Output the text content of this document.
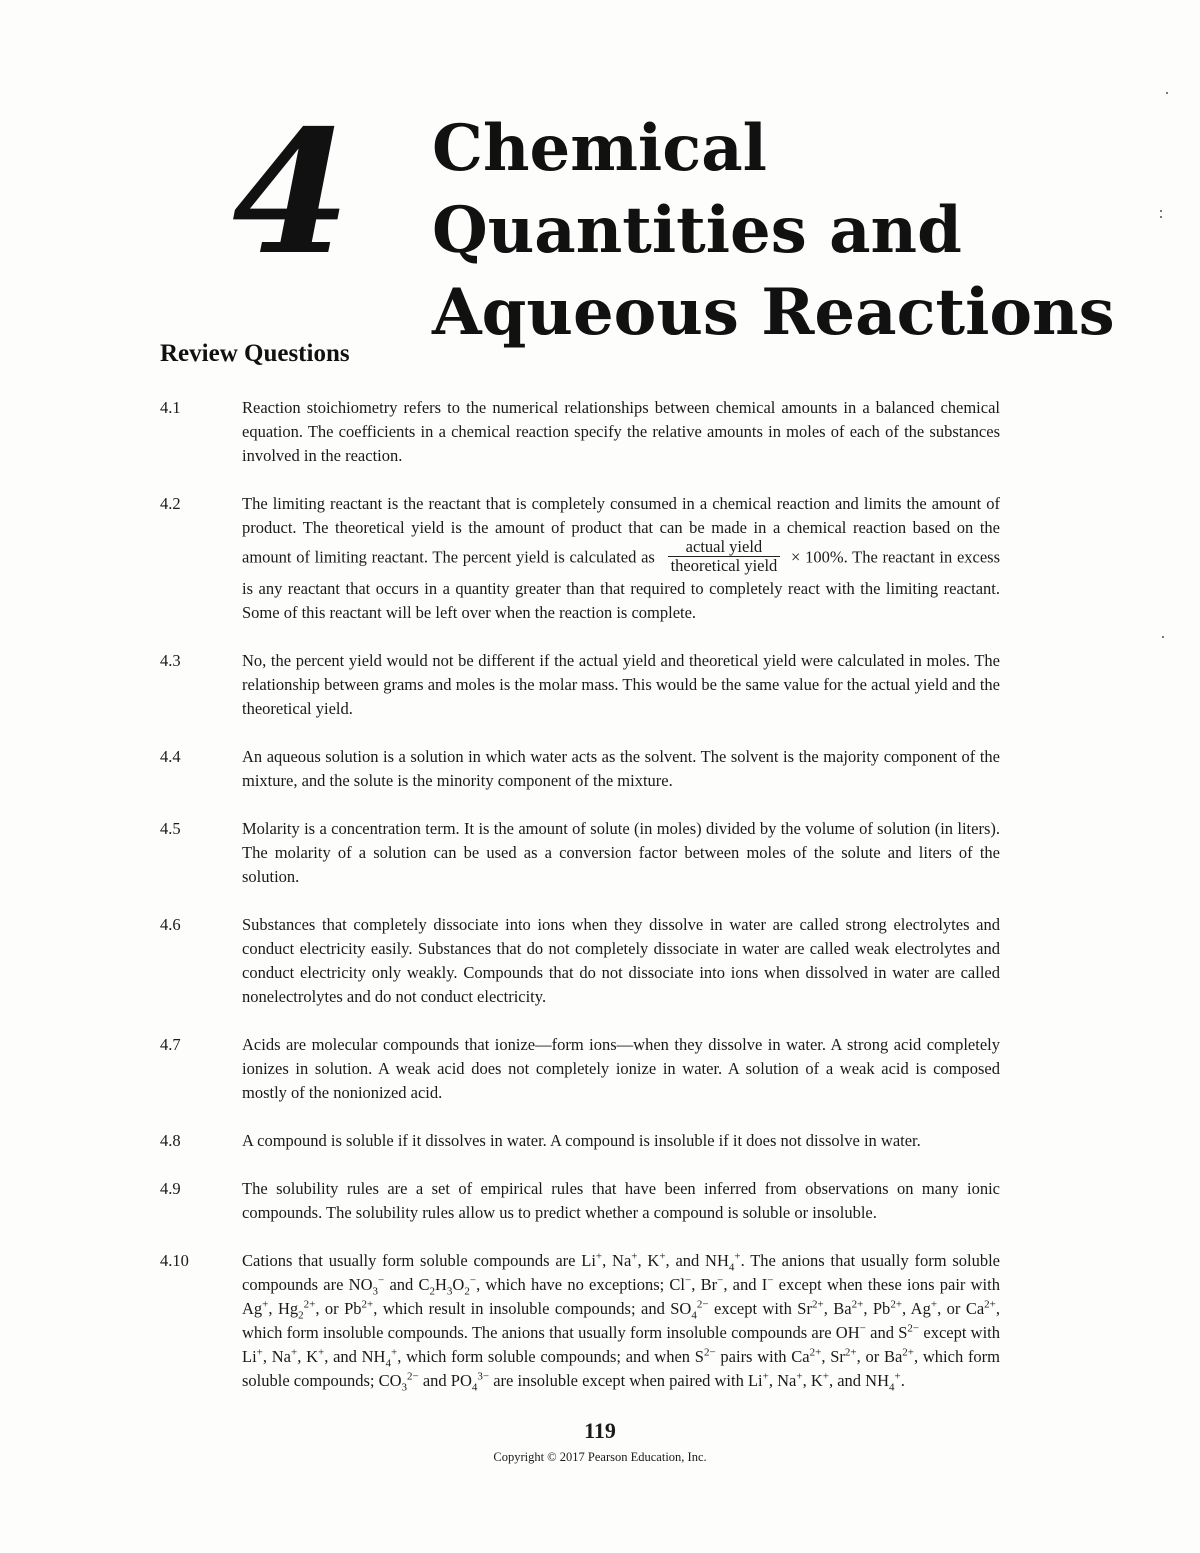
4 Chemical
Quantities and
Aqueous Reactions
Review Questions
4.1	Reaction stoichiometry refers to the numerical relationships between chemical amounts in a balanced chemical equation. The coefficients in a chemical reaction specify the relative amounts in moles of each of the substances involved in the reaction.
4.2	The limiting reactant is the reactant that is completely consumed in a chemical reaction and limits the amount of product. The theoretical yield is the amount of product that can be made in a chemical reaction based on the amount of limiting reactant. The percent yield is calculated as $\frac{\text{actual yield}}{\text{theoretical yield}} \times 100\%$. The reactant in excess is any reactant that occurs in a quantity greater than that required to completely react with the limiting reactant. Some of this reactant will be left over when the reaction is complete.
4.3	No, the percent yield would not be different if the actual yield and theoretical yield were calculated in moles. The relationship between grams and moles is the molar mass. This would be the same value for the actual yield and the theoretical yield.
4.4	An aqueous solution is a solution in which water acts as the solvent. The solvent is the majority component of the mixture, and the solute is the minority component of the mixture.
4.5	Molarity is a concentration term. It is the amount of solute (in moles) divided by the volume of solution (in liters). The molarity of a solution can be used as a conversion factor between moles of the solute and liters of the solution.
4.6	Substances that completely dissociate into ions when they dissolve in water are called strong electrolytes and conduct electricity easily. Substances that do not completely dissociate in water are called weak electrolytes and conduct electricity only weakly. Compounds that do not dissociate into ions when dissolved in water are called nonelectrolytes and do not conduct electricity.
4.7	Acids are molecular compounds that ionize—form ions—when they dissolve in water. A strong acid completely ionizes in solution. A weak acid does not completely ionize in water. A solution of a weak acid is composed mostly of the nonionized acid.
4.8	A compound is soluble if it dissolves in water. A compound is insoluble if it does not dissolve in water.
4.9	The solubility rules are a set of empirical rules that have been inferred from observations on many ionic compounds. The solubility rules allow us to predict whether a compound is soluble or insoluble.
4.10	Cations that usually form soluble compounds are Li+, Na+, K+, and $NH_4^+$. The anions that usually form soluble compounds are $NO_3^-$ and $C_2H_3O_2^-$, which have no exceptions; Cl−, Br−, and I− except when these ions pair with Ag+, $Hg_2^{2+}$, or $Pb^{2+}$, which result in insoluble compounds; and $SO_4^{2-}$ except with $Sr^{2+}$, $Ba^{2+}$, $Pb^{2+}$, Ag+, or $Ca^{2+}$, which form insoluble compounds. The anions that usually form insoluble compounds are OH− and $S^{2-}$ except with Li+, Na+, K+, and $NH_4^+$, which form soluble compounds; and when $S^{2-}$ pairs with $Ca^{2+}$, $Sr^{2+}$, or $Ba^{2+}$, which form soluble compounds; $CO_3^{2-}$ and $PO_4^{3-}$ are insoluble except when paired with Li+, Na+, K+, and $NH_4^+$.
119
Copyright © 2017 Pearson Education, Inc.
